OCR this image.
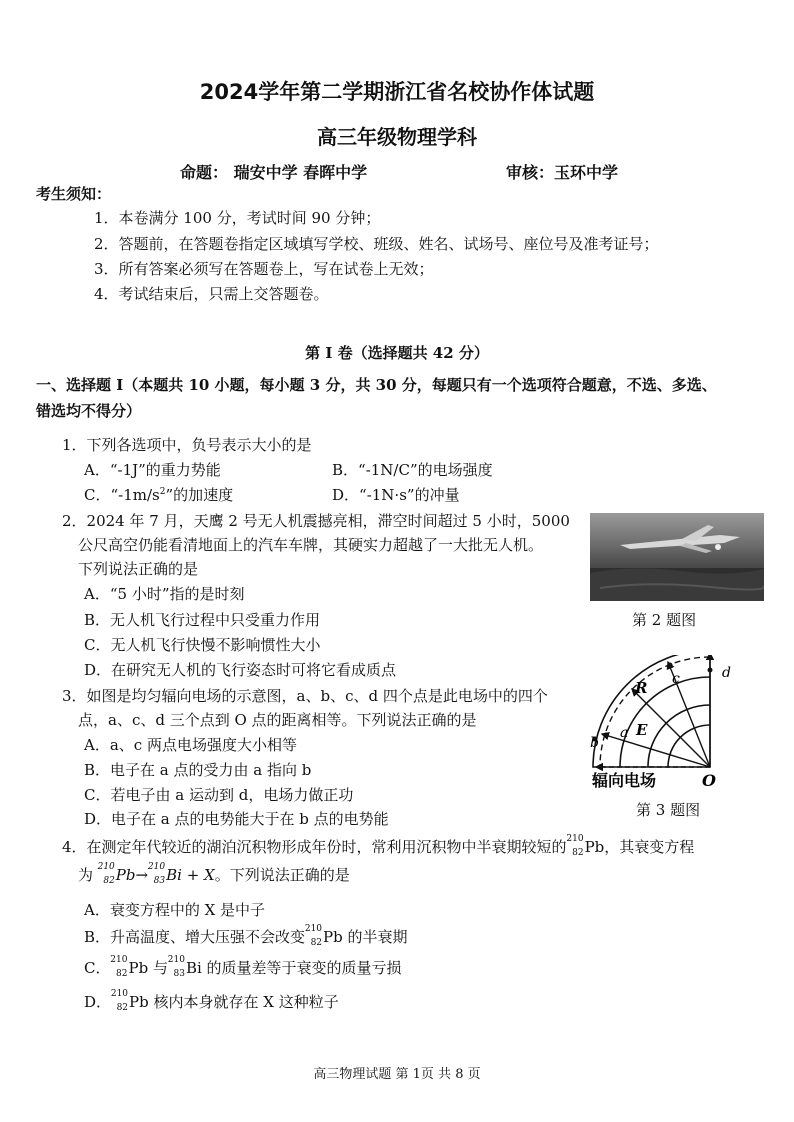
2024学年第二学期浙江省名校协作体试题
高三年级物理学科
命题： 瑞安中学 春晖中学	审核：玉环中学
考生须知：
1．本卷满分 100 分，考试时间 90 分钟；
2．答题前，在答题卷指定区域填写学校、班级、姓名、试场号、座位号及准考证号；
3．所有答案必须写在答题卷上，写在试卷上无效；
4．考试结束后，只需上交答题卷。
第 I 卷（选择题共 42 分）
一、选择题 I（本题共 10 小题，每小题 3 分，共 30 分，每题只有一个选项符合题意，不选、多选、
错选均不得分）
1．下列各选项中，负号表示大小的是
A．“-1J”的重力势能	B．“-1N/C”的电场强度
C．“$-1m/s^2$”的加速度	D．“-1N·s”的冲量
2．2024 年 7 月，天鹰 2 号无人机震撼亮相，滞空时间超过 5 小时，5000
公尺高空仍能看清地面上的汽车车牌，其硬实力超越了一大批无人机。
下列说法正确的是
A．“5 小时”指的是时刻
B．无人机飞行过程中只受重力作用
C．无人机飞行快慢不影响惯性大小
D．在研究无人机的飞行姿态时可将它看成质点
第 2 题图
3．如图是均匀辐向电场的示意图，a、b、c、d 四个点是此电场中的四个
点，a、c、d 三个点到 O 点的距离相等。下列说法正确的是
A．a、c 两点电场强度大小相等
B．电子在 a 点的受力由 a 指向 b
C．若电子由 a 运动到 d，电场力做正功
D．电子在 a 点的电势能大于在 b 点的电势能
R
E
a
b
c	d
O
辐向电场
第 3 题图
4．在测定年代较近的湖泊沉积物形成年份时，常利用沉积物中半衰期较短的 210
82 Pb，其衰变方程
为 210
82 Pb→ 210
83 Bi + X。下列说法正确的是
A．衰变方程中的 X 是中子
B．升高温度、增大压强不会改变 210
82 Pb 的半衰期
C． 210
82 Pb 与 210
83 Bi 的质量差等于衰变的质量亏损
D． 210
82 Pb 核内本身就存在 X 这种粒子
高三物理试题 第 1页 共 8 页
